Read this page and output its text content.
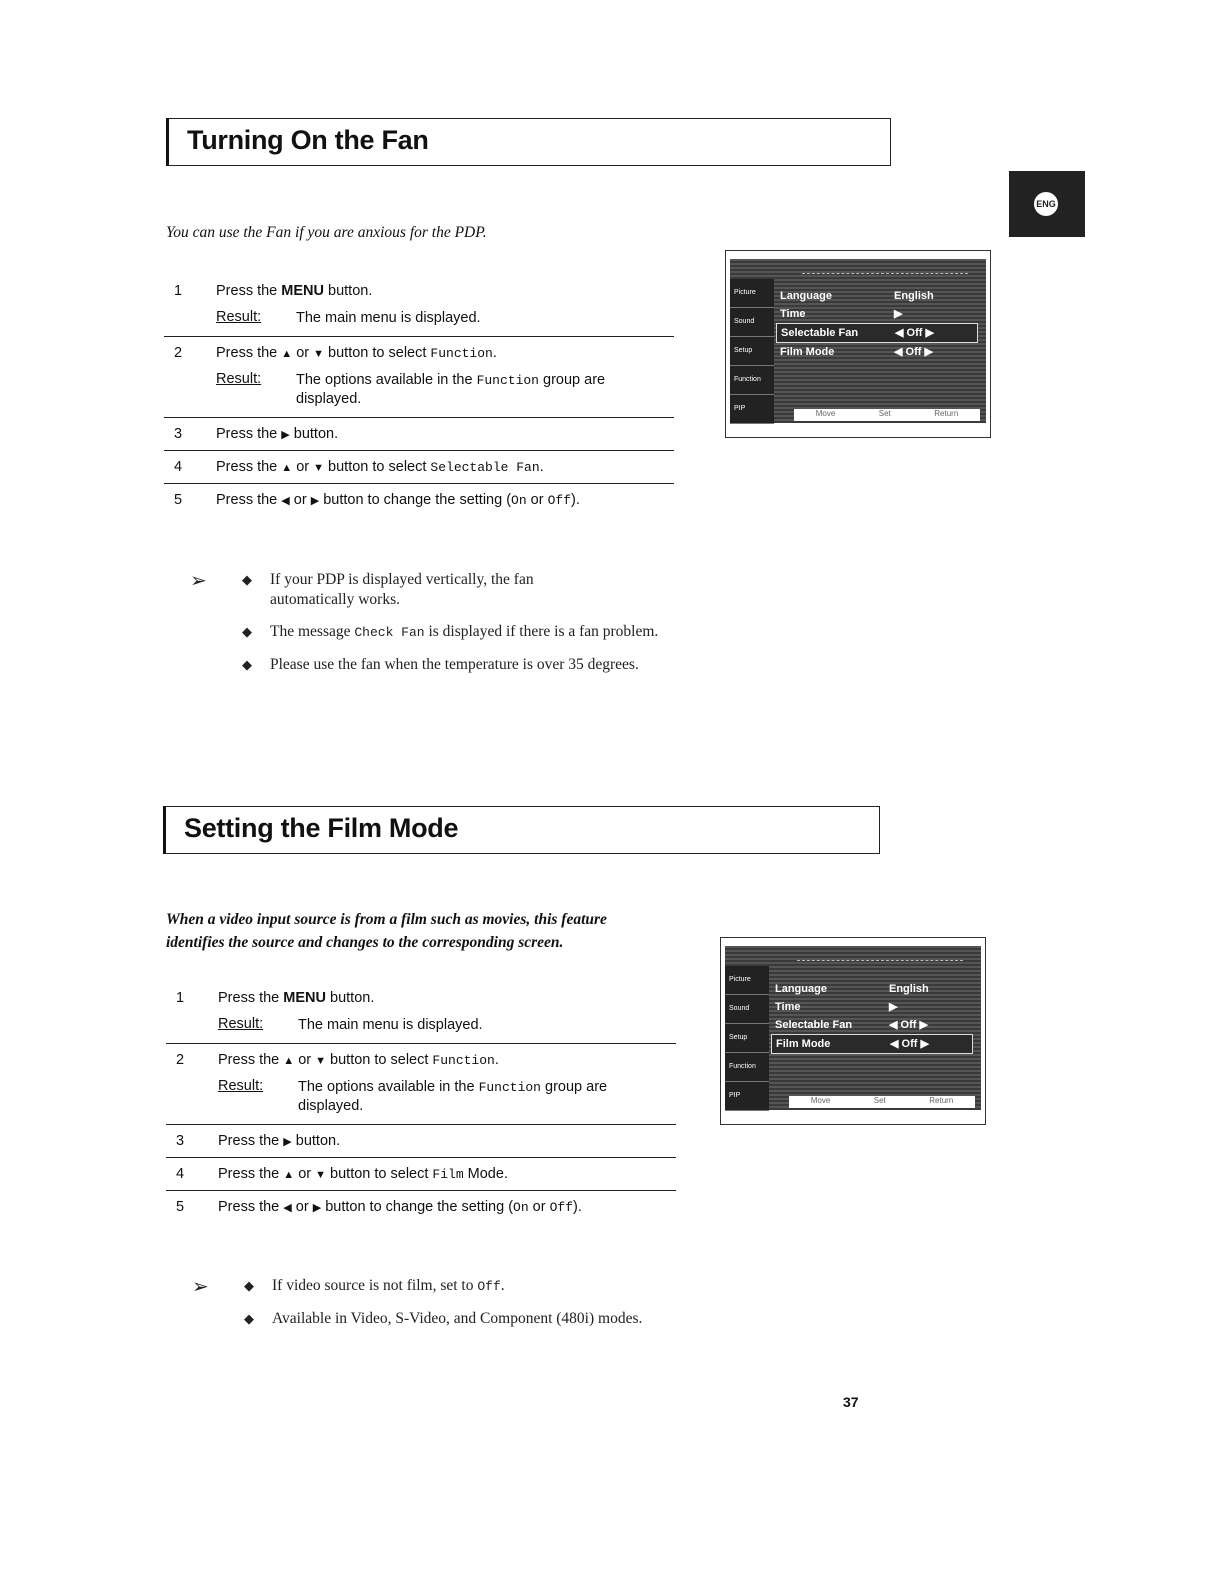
ENG
Turning On the Fan
You can use the Fan if you are anxious for the PDP.
1	Press the MENU button.
Result:	The main menu is displayed.
2	Press the ▲ or ▼ button to select Function.
Result:	The options available in the Function group are displayed.
3	Press the ▶ button.
4	Press the ▲ or ▼ button to select Selectable Fan.
5	Press the ◀ or ▶ button to change the setting (On or Off).
➢	◆ If your PDP is displayed vertically, the fan automatically works.
◆ The message Check Fan is displayed if there is a fan problem.
◆ Please use the fan when the temperature is over 35 degrees.
Picture
Sound
Setup
Function
PIP
Language	English
Time	▶
Selectable Fan	◀ Off ▶
Film Mode	◀ Off ▶
Move	Set	Return
Setting the Film Mode
When a video input source is from a film such as movies, this feature
identifies the source and changes to the corresponding screen.
1	Press the MENU button.
Result:	The main menu is displayed.
2	Press the ▲ or ▼ button to select Function.
Result:	The options available in the Function group are displayed.
3	Press the ▶ button.
4	Press the ▲ or ▼ button to select Film Mode.
5	Press the ◀ or ▶ button to change the setting (On or Off).
➢	◆ If video source is not film, set to Off.
◆ Available in Video, S-Video, and Component (480i) modes.
Picture
Sound
Setup
Function
PIP
Language	English
Time	▶
Selectable Fan	◀ Off ▶
Film Mode	◀ Off ▶
Move	Set	Return
37
